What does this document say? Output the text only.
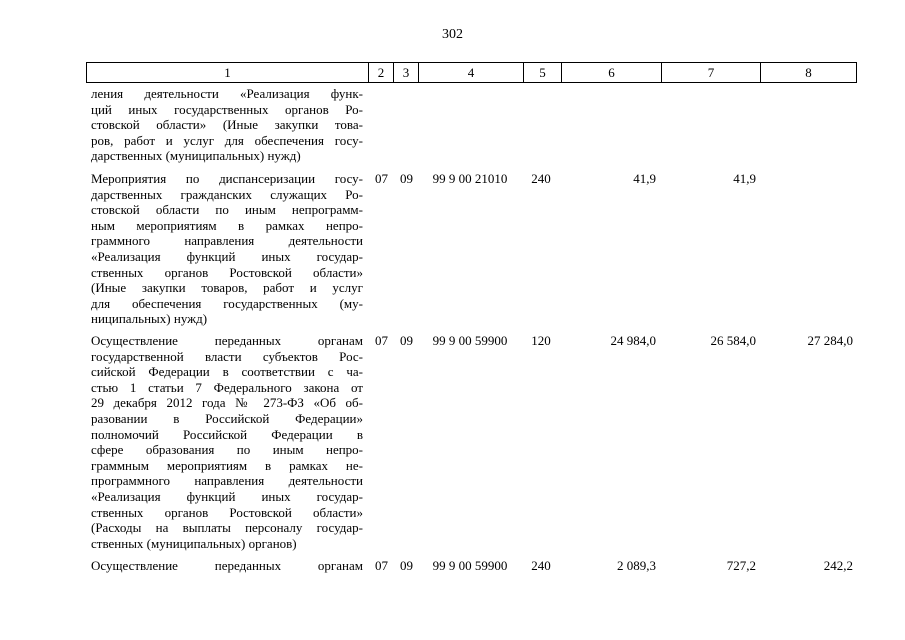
302
1	2	3	4	5	6	7	8
ления деятельности «Реализация функ-
ций иных государственных органов Ро-
стовской области» (Иные закупки това-
ров, работ и услуг для обеспечения госу-
дарственных (муниципальных) нужд)
Мероприятия по диспансеризации госу-
дарственных гражданских служащих Ро-
стовской области по иным непрограмм-
ным мероприятиям в рамках непро-
граммного направления деятельности
«Реализация функций иных государ-
ственных органов Ростовской области»
(Иные закупки товаров, работ и услуг
для обеспечения государственных (му-
ниципальных) нужд)
07 09	99 9 00 21010	240	41,9	41,9
Осуществление переданных органам
государственной власти субъектов Рос-
сийской Федерации в соответствии с ча-
стью 1 статьи 7 Федерального закона от
29 декабря 2012 года № 273-ФЗ «Об об-
разовании в Российской Федерации»
полномочий Российской Федерации в
сфере образования по иным непро-
граммным мероприятиям в рамках не-
программного направления деятельности
«Реализация функций иных государ-
ственных органов Ростовской области»
(Расходы на выплаты персоналу государ-
ственных (муниципальных) органов)
07 09	99 9 00 59900	120	24 984,0	26 584,0	27 284,0
Осуществление переданных органам 07 09	99 9 00 59900	240	2 089,3	727,2	242,2
